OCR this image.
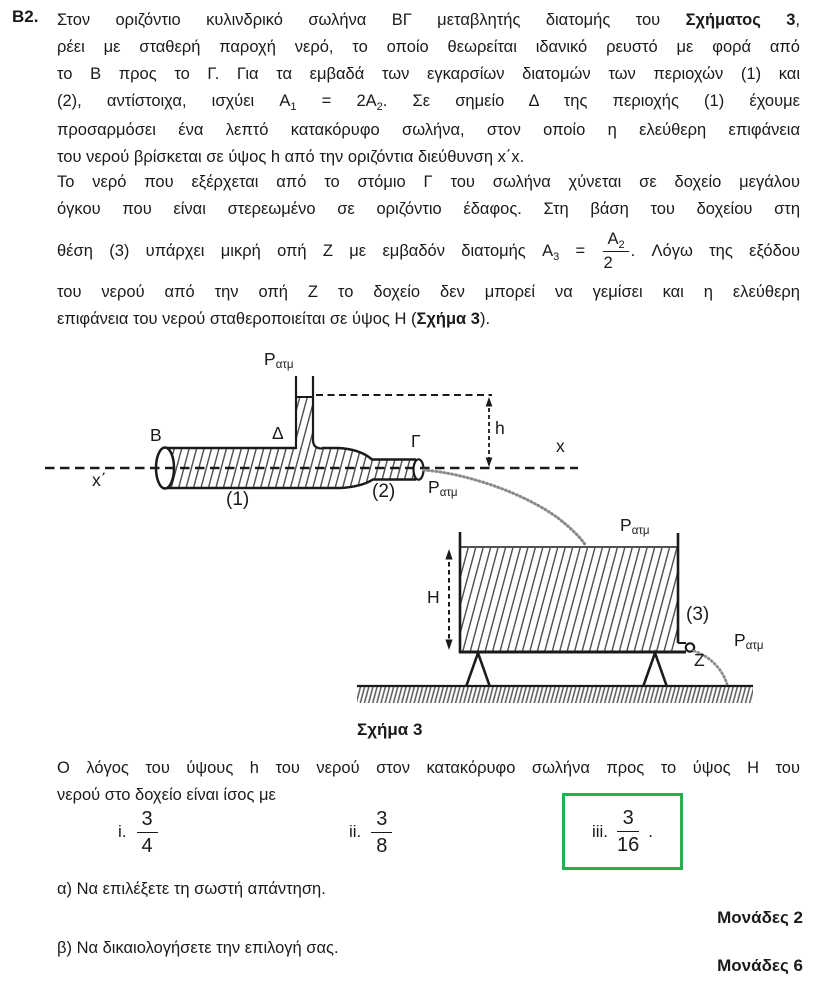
B2. Στον οριζόντιο κυλινδρικό σωλήνα ΒΓ μεταβλητής διατομής του Σχήματος 3,
ρέει με σταθερή παροχή νερό, το οποίο θεωρείται ιδανικό ρευστό με φορά από
το Β προς το Γ. Για τα εμβαδά των εγκαρσίων διατομών των περιοχών (1) και
(2), αντίστοιχα, ισχύει $A_1 = 2A_2$. Σε σημείο Δ της περιοχής (1) έχουμε
προσαρμόσει ένα λεπτό κατακόρυφο σωλήνα, στον οποίο η ελεύθερη επιφάνεια
του νερού βρίσκεται σε ύψος h από την οριζόντια διεύθυνση x΄x.
Το νερό που εξέρχεται από το στόμιο Γ του σωλήνα χύνεται σε δοχείο μεγάλου
όγκου που είναι στερεωμένο σε οριζόντιο έδαφος. Στη βάση του δοχείου στη
θέση (3) υπάρχει μικρή οπή Ζ με εμβαδόν διατομής $A_3 = \frac{A_2}{2}$ . Λόγω της εξόδου
του νερού από την οπή Ζ το δοχείο δεν μπορεί να γεμίσει και η ελεύθερη
επιφάνεια του νερού σταθεροποιείται σε ύψος Η (Σχήμα 3).
Pατμ
B	Δ	Γ	x
x΄
h
(1)	(2) Pατμ
Pατμ
H
(3)
Z
Pατμ
Σχήμα 3
Ο λόγος του ύψους h του νερού στον κατακόρυφο σωλήνα προς το ύψος Η του
νερού στο δοχείο είναι ίσος με
i. $\frac{3}{4}$	ii. $\frac{3}{8}$	iii. $\frac{3}{16}$ .
α) Να επιλέξετε τη σωστή απάντηση.
Μονάδες 2
β) Να δικαιολογήσετε την επιλογή σας.
Μονάδες 6
